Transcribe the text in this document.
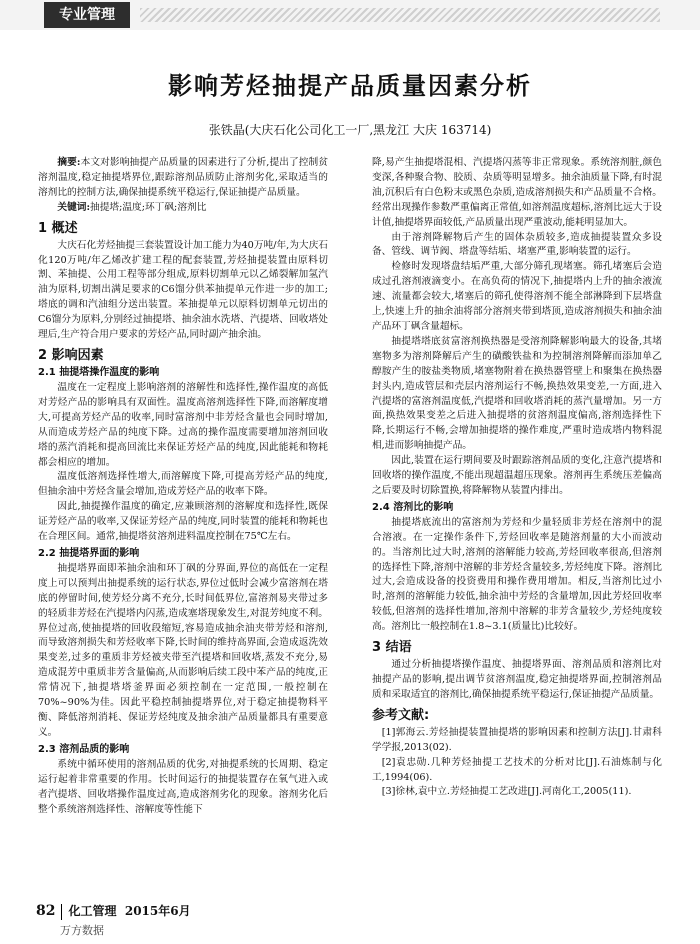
专业管理
影响芳烃抽提产品质量因素分析
张铁晶(大庆石化公司化工一厂,黑龙江 大庆 163714)

摘要:本文对影响抽提产品质量的因素进行了分析,提出了控制贫溶剂温度,稳定抽提塔界位,跟踪溶剂品质防止溶剂劣化,采取适当的溶剂比的控制方法,确保抽提系统平稳运行,保证抽提产品质量。

关键词:抽提塔;温度;环丁砜;溶剂比

1 概述

大庆石化芳烃抽提三套装置设计加工能力为40万吨/年,为大庆石化120万吨/年乙烯改扩建工程的配套装置,芳烃抽提装置由原料切割、苯抽提、公用工程等部分组成,原料切割单元以乙烯裂解加氢汽油为原料,切割出满足要求的C6馏分供苯抽提单元作进一步的加工;塔底的调和汽油组分送出装置。苯抽提单元以原料切割单元切出的C6馏分为原料,分别经过抽提塔、抽余油水洗塔、汽提塔、回收塔处理后,生产符合用户要求的芳烃产品,同时副产抽余油。

2 影响因素
2.1 抽提塔操作温度的影响

温度在一定程度上影响溶剂的溶解性和选择性,操作温度的高低对芳烃产品的影响具有双面性。温度高溶剂选择性下降,而溶解度增大,可提高芳烃产品的收率,同时富溶剂中非芳烃含量也会同时增加,从而造成芳烃产品的纯度下降。过高的操作温度需要增加溶剂回收塔的蒸汽消耗和提高回流比来保证芳烃产品的纯度,因此能耗和物耗都会相应的增加。

温度低溶剂选择性增大,而溶解度下降,可提高芳烃产品的纯度,但抽余油中芳烃含量会增加,造成芳烃产品的收率下降。

因此,抽提操作温度的确定,应兼顾溶剂的溶解度和选择性,既保证芳烃产品的收率,又保证芳烃产品的纯度,同时装置的能耗和物耗也在合理区间。通常,抽提塔贫溶剂进料温度控制在75℃左右。

2.2 抽提塔界面的影响

抽提塔界面即苯抽余油和环丁砜的分界面,界位的高低在一定程度上可以预判出抽提系统的运行状态,界位过低时会减少富溶剂在塔底的停留时间,使芳烃分离不充分,长时间低界位,富溶剂易夹带过多的轻质非芳烃在汽提塔内闪蒸,造成塞塔现象发生,对混芳纯度不利。界位过高,使抽提塔的回收段缩短,容易造成抽余油夹带芳烃和溶剂,而导致溶剂损失和芳烃收率下降,长时间的维持高界面,会造成返洗效果变差,过多的重质非芳烃被夹带至汽提塔和回收塔,蒸发不充分,易造成混芳中重质非芳含量偏高,从而影响后续工段中苯产品的纯度,正常情况下,抽提塔塔釜界面必须控制在一定范围,一般控制在70%~90%为佳。因此平稳控制抽提塔界位,对于稳定抽提物料平衡、降低溶剂消耗、保证芳烃纯度及抽余油产品质量都具有重要意义。

2.3 溶剂品质的影响

系统中循环使用的溶剂品质的优劣,对抽提系统的长周期、稳定运行起着非常重要的作用。长时间运行的抽提装置存在氧气进入或者汽提塔、回收塔操作温度过高,造成溶剂劣化的现象。溶剂劣化后整个系统溶剂选择性、溶解度等性能下

降,易产生抽提塔混相、汽提塔闪蒸等非正常现象。系统溶剂脏,颜色变深,各种聚合物、胶质、杂质等明显增多。抽余油质量下降,有时混油,沉积后有白色粉末或黑色杂质,造成溶剂损失和产品质量不合格。经常出现操作参数严重偏离正常值,如溶剂温度超标,溶剂比远大于设计值,抽提塔界面较低,产品质量出现严重波动,能耗明显加大。

由于溶剂降解物后产生的固体杂质较多,造成抽提装置众多设备、管线、调节阀、塔盘等结垢、堵塞严重,影响装置的运行。

检修时发现塔盘结垢严重,大部分筛孔现堵塞。筛孔堵塞后会造成过孔溶剂液滴变小。在高负荷的情况下,抽提塔内上升的抽余液流速、流量都会较大,堵塞后的筛孔使得溶剂不能全部淋降到下层塔盘上,快速上升的抽余油将部分溶剂夹带到塔顶,造成溶剂损失和抽余油产品环丁砜含量超标。

抽提塔塔底贫富溶剂换热器是受溶剂降解影响最大的设备,其堵塞物多为溶剂降解后产生的磺酸铁盐和为控制溶剂降解而添加单乙醇胺产生的胺盐类物质,堵塞物附着在换热器管壁上和聚集在换热器封头内,造成管层和壳层内溶剂运行不畅,换热效果变差,一方面,进入汽提塔的富溶剂温度低,汽提塔和回收塔消耗的蒸汽量增加。另一方面,换热效果变差之后进入抽提塔的贫溶剂温度偏高,溶剂选择性下降,长期运行不畅,会增加抽提塔的操作难度,严重时造成塔内物料混相,进而影响抽提产品。

因此,装置在运行期间要及时跟踪溶剂品质的变化,注意汽提塔和回收塔的操作温度,不能出现超温超压现象。溶剂再生系统压差偏高之后要及时切除置换,将降解物从装置内排出。

2.4 溶剂比的影响

抽提塔底流出的富溶剂为芳烃和少量轻质非芳烃在溶剂中的混合溶液。在一定操作条件下,芳烃回收率是随溶剂量的大小而波动的。当溶剂比过大时,溶剂的溶解能力较高,芳烃回收率很高,但溶剂的选择性下降,溶剂中溶解的非芳烃含量较多,芳烃纯度下降。溶剂比过大,会造成设备的投资费用和操作费用增加。相反,当溶剂比过小时,溶剂的溶解能力较低,抽余油中芳烃的含量增加,因此芳烃回收率较低,但溶剂的选择性增加,溶剂中溶解的非芳含量较少,芳烃纯度较高。溶剂比一般控制在1.8~3.1(质量比)比较好。

3 结语

通过分析抽提塔操作温度、抽提塔界面、溶剂品质和溶剂比对抽提产品的影响,提出调节贫溶剂温度,稳定抽提塔界面,控制溶剂品质和采取适宜的溶剂比,确保抽提系统平稳运行,保证抽提产品质量。

参考文献:

[1]郭海云.芳烃抽提装置抽提塔的影响因素和控制方法[J].甘肃科学学报,2013(02).

[2]袁忠勋.几种芳烃抽提工艺技术的分析对比[J].石油炼制与化工,1994(06).

[3]徐林,袁中立.芳烃抽提工艺改进[J].河南化工,2005(11).

82 化工管理 2015年6月
万方数据
